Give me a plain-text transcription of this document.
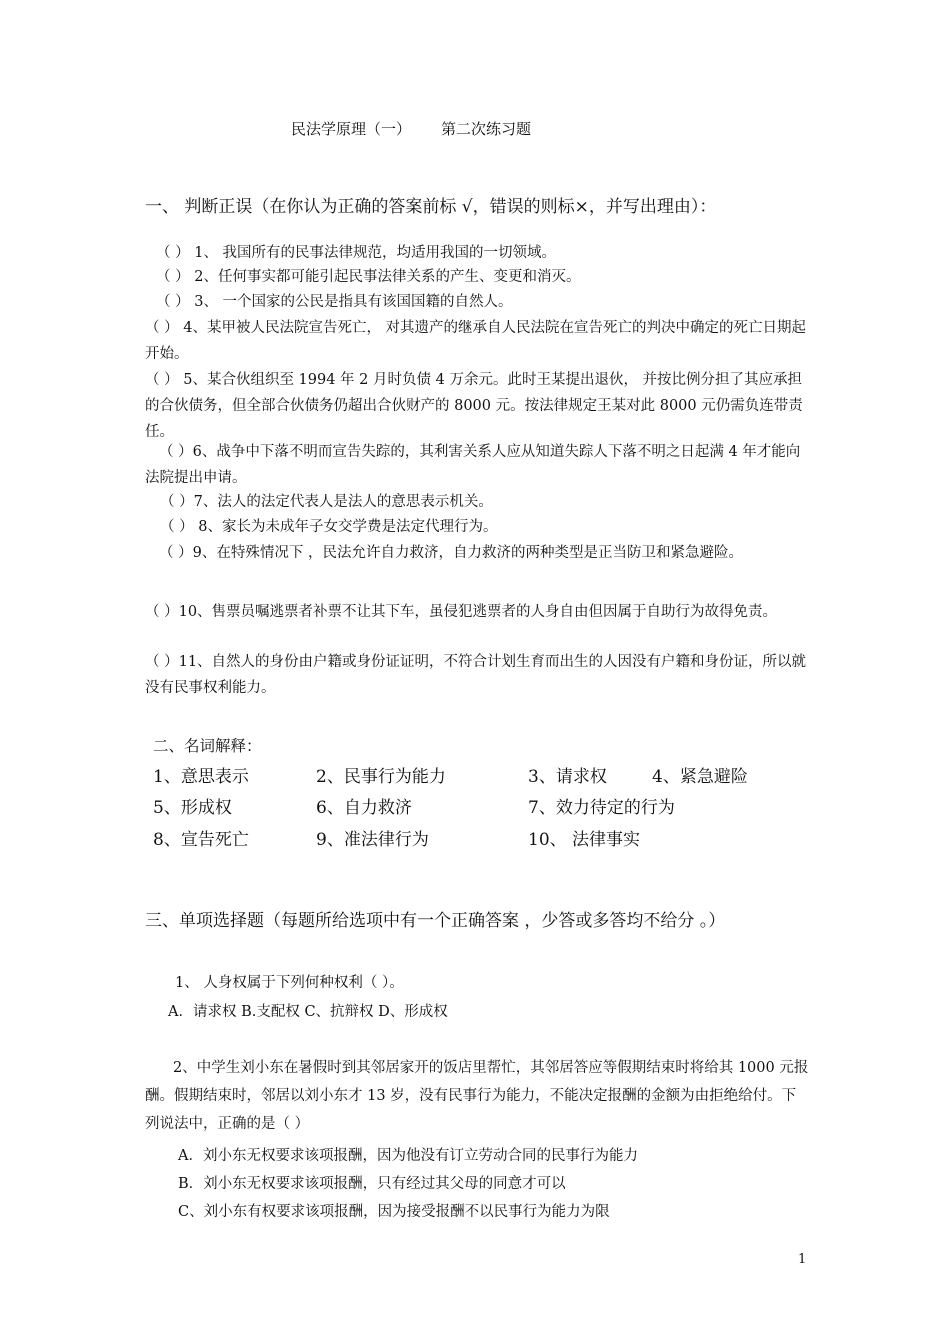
民法学原理（一） 第二次练习题
一、 判断正误（在你认为正确的答案前标 √，错误的则标×，并写出理由）：
（ ） 1、 我国所有的民事法律规范，均适用我国的一切领域。
（ ） 2、任何事实都可能引起民事法律关系的产生、变更和消灭。
（ ） 3、 一个国家的公民是指具有该国国籍的自然人。
（ ） 4、某甲被人民法院宣告死亡， 对其遗产的继承自人民法院在宣告死亡的判决中确定的死亡日期起开始。
（ ） 5、某合伙组织至 1994 年 2 月时负债 4 万余元。此时王某提出退伙， 并按比例分担了其应承担的合伙债务，但全部合伙债务仍超出合伙财产的 8000 元。按法律规定王某对此 8000 元仍需负连带责任。
（ ）6、战争中下落不明而宣告失踪的，其利害关系人应从知道失踪人下落不明之日起满 4 年才能向法院提出申请。
（ ）7、法人的法定代表人是法人的意思表示机关。
（ ） 8、家长为未成年子女交学费是法定代理行为。
（ ）9、在特殊情况下 ，民法允许自力救济，自力救济的两种类型是正当防卫和紧急避险。
（ ）10、售票员嘱逃票者补票不让其下车，虽侵犯逃票者的人身自由但因属于自助行为故得免责。
（ ）11、自然人的身份由户籍或身份证证明，不符合计划生育而出生的人因没有户籍和身份证，所以就没有民事权利能力。
二、名词解释：
1、意思表示	2、民事行为能力	3、请求权	4、紧急避险
5、形成权	6、自力救济	7、效力待定的行为
8、宣告死亡	9、准法律行为	10、 法律事实
三、单项选择题（每题所给选项中有一个正确答案 ，少答或多答均不给分 。）
1、 人身权属于下列何种权利（ ）。
A．请求权 B.支配权 C、抗辩权 D、形成权
2、中学生刘小东在暑假时到其邻居家开的饭店里帮忙，其邻居答应等假期结束时将给其 1000 元报酬。假期结束时，邻居以刘小东才 13 岁，没有民事行为能力，不能决定报酬的金额为由拒绝给付。下列说法中，正确的是（ ）
A．刘小东无权要求该项报酬，因为他没有订立劳动合同的民事行为能力
B．刘小东无权要求该项报酬，只有经过其父母的同意才可以
C、刘小东有权要求该项报酬，因为接受报酬不以民事行为能力为限
1
